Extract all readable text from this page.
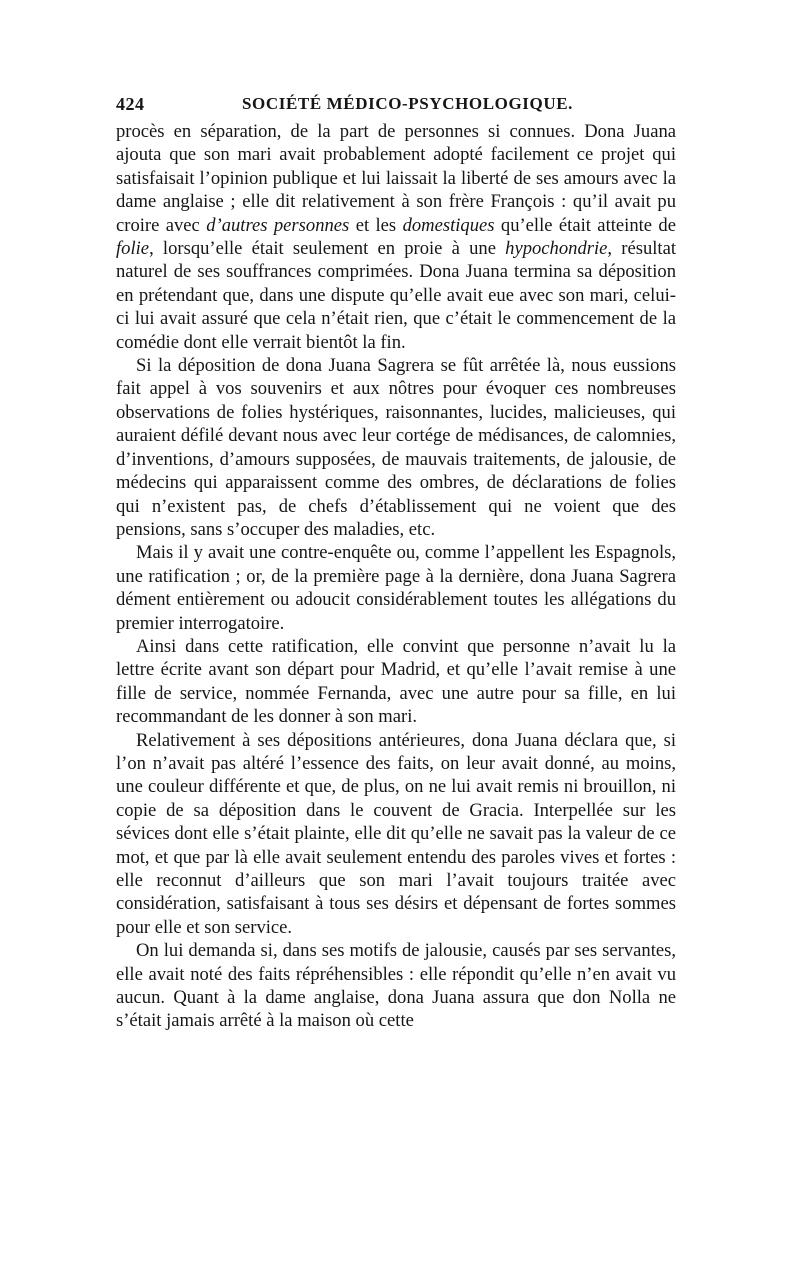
424	SOCIÉTÉ MÉDICO-PSYCHOLOGIQUE.

procès en séparation, de la part de personnes si connues. Dona Juana ajouta que son mari avait probablement adopté facilement ce projet qui satisfaisait l’opinion publique et lui laissait la liberté de ses amours avec la dame anglaise ; elle dit relativement à son frère François : qu’il avait pu croire avec d’autres personnes et les domestiques qu’elle était atteinte de folie, lorsqu’elle était seulement en proie à une hypochondrie, résultat naturel de ses souffrances comprimées. Dona Juana termina sa déposition en prétendant que, dans une dispute qu’elle avait eue avec son mari, celui-ci lui avait assuré que cela n’était rien, que c’était le commencement de la comédie dont elle verrait bientôt la fin.

Si la déposition de dona Juana Sagrera se fût arrêtée là, nous eussions fait appel à vos souvenirs et aux nôtres pour évoquer ces nombreuses observations de folies hystériques, raisonnantes, lucides, malicieuses, qui auraient défilé devant nous avec leur cortége de médisances, de calomnies, d’inventions, d’amours supposées, de mauvais traitements, de jalousie, de médecins qui apparaissent comme des ombres, de déclarations de folies qui n’existent pas, de chefs d’établissement qui ne voient que des pensions, sans s’occuper des maladies, etc.

Mais il y avait une contre-enquête ou, comme l’appellent les Espagnols, une ratification ; or, de la première page à la dernière, dona Juana Sagrera dément entièrement ou adoucit considérablement toutes les allégations du premier interrogatoire.

Ainsi dans cette ratification, elle convint que personne n’avait lu la lettre écrite avant son départ pour Madrid, et qu’elle l’avait remise à une fille de service, nommée Fernanda, avec une autre pour sa fille, en lui recommandant de les donner à son mari.

Relativement à ses dépositions antérieures, dona Juana déclara que, si l’on n’avait pas altéré l’essence des faits, on leur avait donné, au moins, une couleur différente et que, de plus, on ne lui avait remis ni brouillon, ni copie de sa déposition dans le couvent de Gracia. Interpellée sur les sévices dont elle s’était plainte, elle dit qu’elle ne savait pas la valeur de ce mot, et que par là elle avait seulement entendu des paroles vives et fortes : elle reconnut d’ailleurs que son mari l’avait toujours traitée avec considération, satisfaisant à tous ses désirs et dépensant de fortes sommes pour elle et son service.

On lui demanda si, dans ses motifs de jalousie, causés par ses servantes, elle avait noté des faits répréhensibles : elle répondit qu’elle n’en avait vu aucun. Quant à la dame anglaise, dona Juana assura que don Nolla ne s’était jamais arrêté à la maison où cette
